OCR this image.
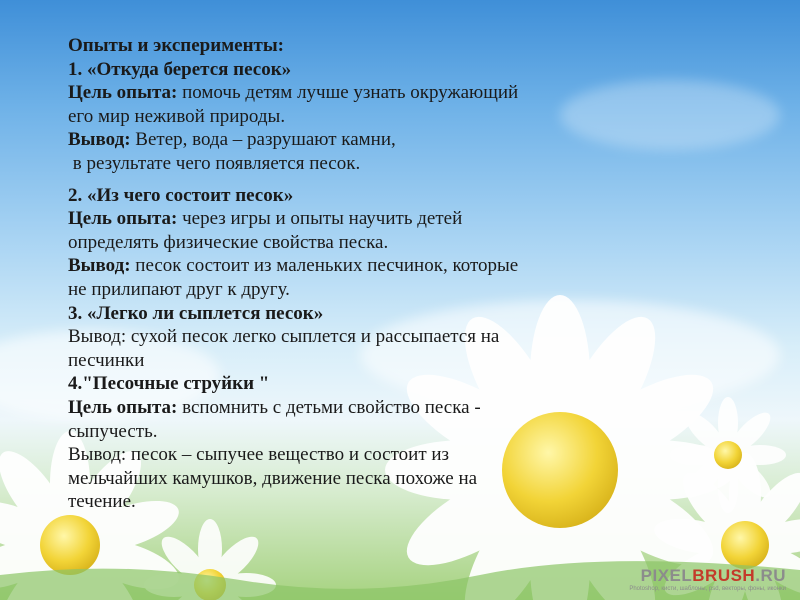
Опыты и эксперименты:
1. «Откуда берется песок»
Цель опыта: помочь детям лучше узнать окружающий
его мир неживой природы.
Вывод: Ветер, вода – разрушают камни,
в результате чего появляется песок.
2. «Из чего состоит песок»
Цель опыта: через игры и опыты научить детей
определять физические свойства песка.
Вывод: песок состоит из маленьких песчинок, которые
не прилипают друг к другу.
3. «Легко ли сыплется песок»
Вывод: сухой песок легко сыплется и рассыпается на
песчинки
4."Песочные струйки "
Цель опыта: вспомнить с детьми свойство песка -
сыпучесть.
Вывод: песок – сыпучее вещество и состоит из
мельчайших камушков, движение песка похоже на
течение.
PIXELBRUSH.RU
Photoshop, кисти, шаблоны, psd, векторы, фоны, иконки
